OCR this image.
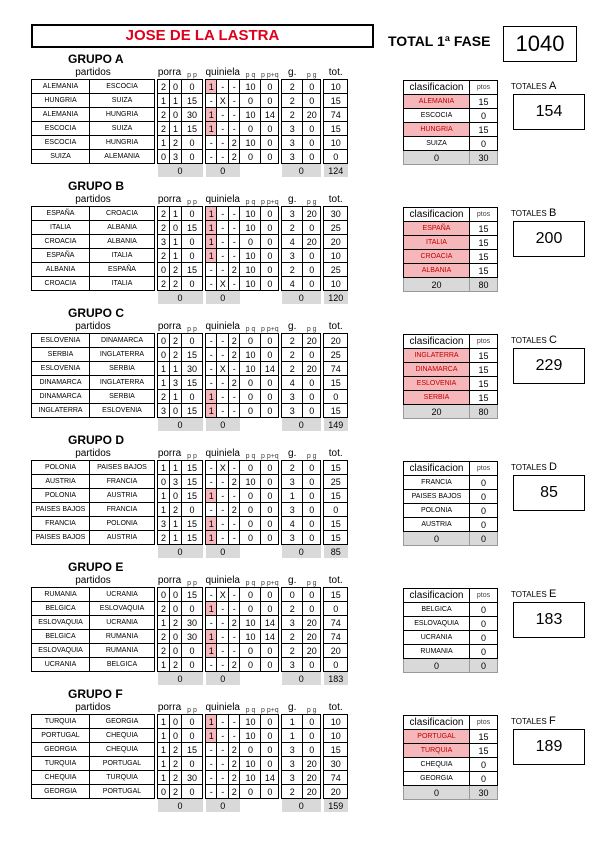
JOSE DE LA LASTRA	TOTAL 1ª FASE	1040
GRUPO A
partidos			porra		p p		quiniela			p q	p p+q		g.	p g		tot.
ALEMANIA	ESCOCIA		2	0	0		1	-	-	10	0		2	0		10
HUNGRIA	SUIZA		1	1	15		-	X	-	0	0		2	0		15
ALEMANIA	HUNGRIA		2	0	30		1	-	-	10	14		2	20		74
ESCOCIA	SUIZA		2	1	15		1	-	-	0	0		3	0		15
ESCOCIA	HUNGRIA		1	2	0		-	-	2	10	0		3	0		10
SUIZA	ALEMANIA		0	3	0		-	-	2	0	0		3	0		0
			0				0						0			124
clasificacion	ptos
ALEMANIA	15
ESCOCIA	0
HUNGRIA	15
SUIZA	0
0	30
TOTALES A
154
GRUPO B
partidos			porra		p p		quiniela			p q	p p+q		g.	p g		tot.
ESPAÑA	CROACIA		2	1	0		1	-	-	10	0		3	20		30
ITALIA	ALBANIA		2	0	15		1	-	-	10	0		2	0		25
CROACIA	ALBANIA		3	1	0		1	-	-	0	0		4	20		20
ESPAÑA	ITALIA		2	1	0		1	-	-	10	0		3	0		10
ALBANIA	ESPAÑA		0	2	15		-	-	2	10	0		2	0		25
CROACIA	ITALIA		2	2	0		-	X	-	10	0		4	0		10
			0				0						0			120
clasificacion	ptos
ESPAÑA	15
ITALIA	15
CROACIA	15
ALBANIA	15
20	80
TOTALES B
200
GRUPO C
partidos			porra		p p		quiniela			p q	p p+q		g.	p g		tot.
ESLOVENIA	DINAMARCA		0	2	0		-	-	2	0	0		2	20		20
SERBIA	INGLATERRA		0	2	15		-	-	2	10	0		2	0		25
ESLOVENIA	SERBIA		1	1	30		-	X	-	10	14		2	20		74
DINAMARCA	INGLATERRA		1	3	15		-	-	2	0	0		4	0		15
DINAMARCA	SERBIA		2	1	0		1	-	-	0	0		3	0		0
INGLATERRA	ESLOVENIA		3	0	15		1	-	-	0	0		3	0		15
			0				0						0			149
clasificacion	ptos
INGLATERRA	15
DINAMARCA	15
ESLOVENIA	15
SERBIA	15
20	80
TOTALES C
229
GRUPO D
partidos			porra		p p		quiniela			p q	p p+q		g.	p g		tot.
POLONIA	PAISES BAJOS		1	1	15		-	X	-	0	0		2	0		15
AUSTRIA	FRANCIA		0	3	15		-	-	2	10	0		3	0		25
POLONIA	AUSTRIA		1	0	15		1	-	-	0	0		1	0		15
PAISES BAJOS	FRANCIA		1	2	0		-	-	2	0	0		3	0		0
FRANCIA	POLONIA		3	1	15		1	-	-	0	0		4	0		15
PAISES BAJOS	AUSTRIA		2	1	15		1	-	-	0	0		3	0		15
			0				0						0			85
clasificacion	ptos
FRANCIA	0
PAISES BAJOS	0
POLONIA	0
AUSTRIA	0
0	0
TOTALES D
85
GRUPO E
partidos			porra		p p		quiniela			p q	p p+q		g.	p g		tot.
RUMANIA	UCRANIA		0	0	15		-	X	-	0	0		0	0		15
BELGICA	ESLOVAQUIA		2	0	0		1	-	-	0	0		2	0		0
ESLOVAQUIA	UCRANIA		1	2	30		-	-	2	10	14		3	20		74
BELGICA	RUMANIA		2	0	30		1	-	-	10	14		2	20		74
ESLOVAQUIA	RUMANIA		2	0	0		1	-	-	0	0		2	20		20
UCRANIA	BELGICA		1	2	0		-	-	2	0	0		3	0		0
			0				0						0			183
clasificacion	ptos
BELGICA	0
ESLOVAQUIA	0
UCRANIA	0
RUMANIA	0
0	0
TOTALES E
183
GRUPO F
partidos			porra		p p		quiniela			p q	p p+q		g.	p g		tot.
TURQUIA	GEORGIA		1	0	0		1	-	-	10	0		1	0		10
PORTUGAL	CHEQUIA		1	0	0		1	-	-	10	0		1	0		10
GEORGIA	CHEQUIA		1	2	15		-	-	2	0	0		3	0		15
TURQUIA	PORTUGAL		1	2	0		-	-	2	10	0		3	20		30
CHEQUIA	TURQUIA		1	2	30		-	-	2	10	14		3	20		74
GEORGIA	PORTUGAL		0	2	0		-	-	2	0	0		2	20		20
			0				0						0			159
clasificacion	ptos
PORTUGAL	15
TURQUIA	15
CHEQUIA	0
GEORGIA	0
0	30
TOTALES F
189
